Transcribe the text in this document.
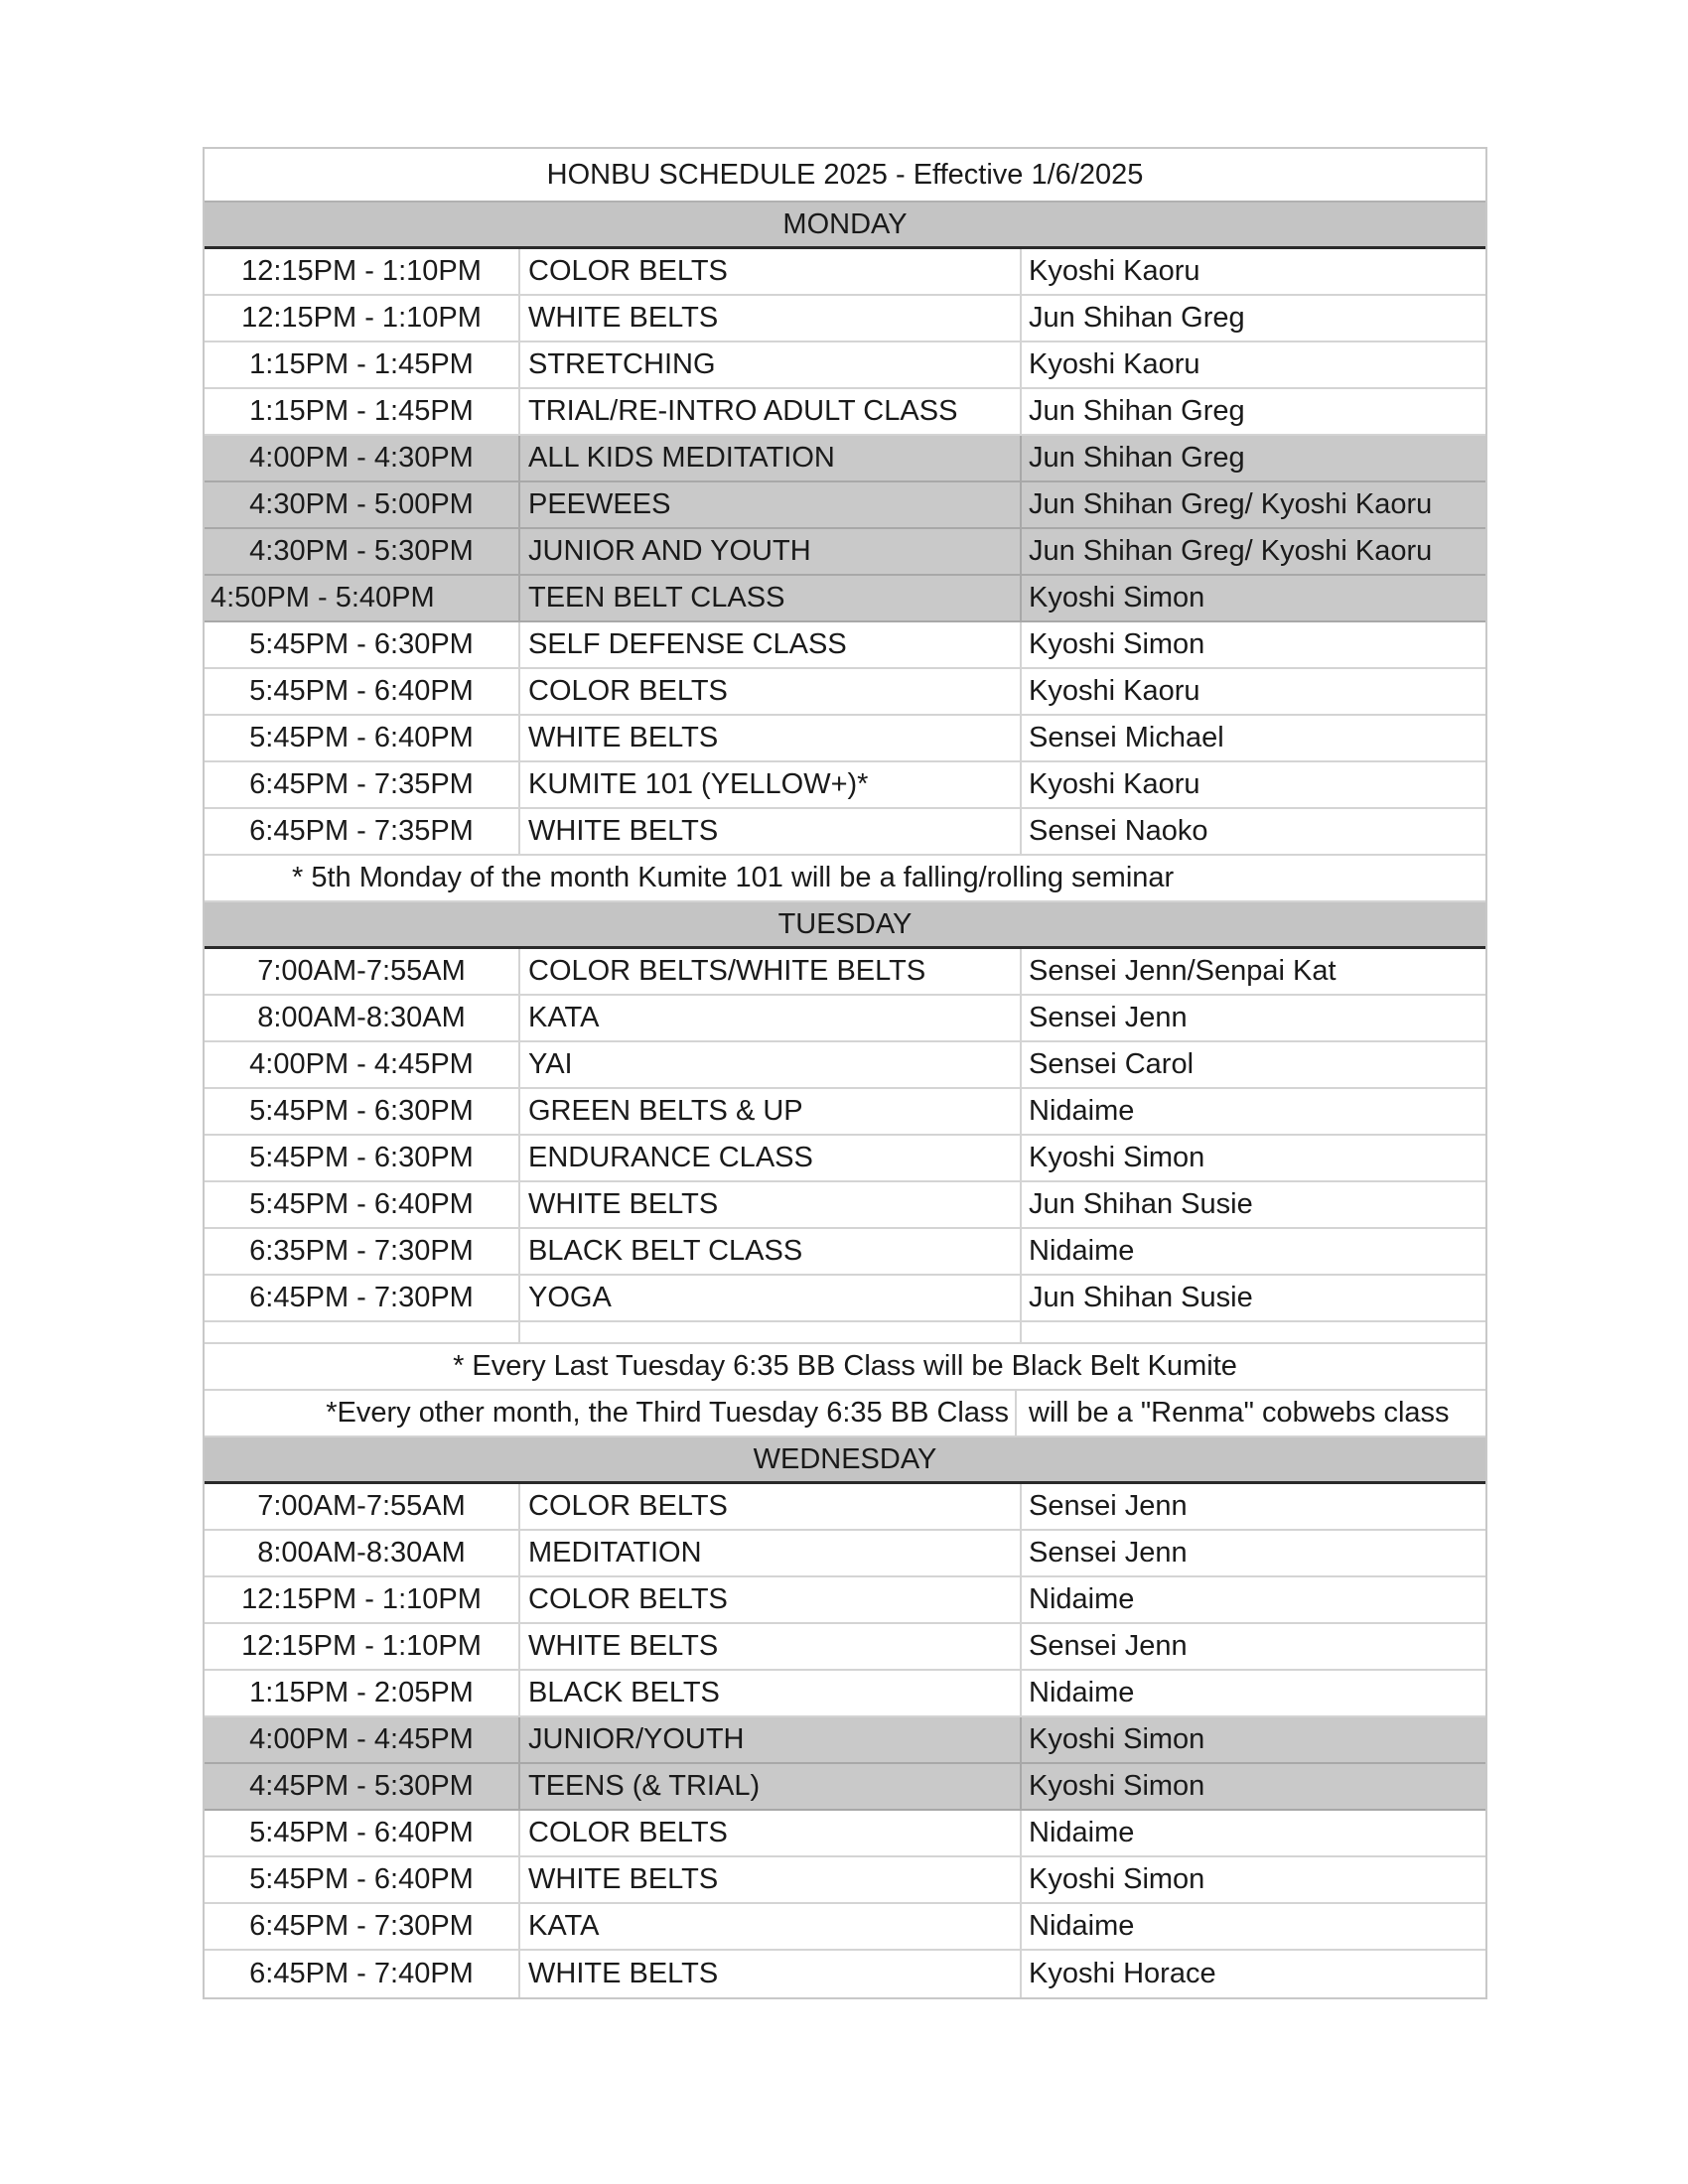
HONBU SCHEDULE 2025 - Effective 1/6/2025
MONDAY
12:15PM - 1:10PM	COLOR BELTS	Kyoshi Kaoru
12:15PM - 1:10PM	WHITE BELTS	Jun Shihan Greg
1:15PM - 1:45PM	STRETCHING	Kyoshi Kaoru
1:15PM - 1:45PM	TRIAL/RE-INTRO ADULT CLASS	Jun Shihan Greg
4:00PM - 4:30PM	ALL KIDS MEDITATION	Jun Shihan Greg
4:30PM - 5:00PM	PEEWEES	Jun Shihan Greg/ Kyoshi Kaoru
4:30PM - 5:30PM	JUNIOR AND YOUTH	Jun Shihan Greg/ Kyoshi Kaoru
4:50PM - 5:40PM	TEEN BELT CLASS	Kyoshi Simon
5:45PM - 6:30PM	SELF DEFENSE CLASS	Kyoshi Simon
5:45PM - 6:40PM	COLOR BELTS	Kyoshi Kaoru
5:45PM - 6:40PM	WHITE BELTS	Sensei Michael
6:45PM - 7:35PM	KUMITE 101 (YELLOW+)*	Kyoshi Kaoru
6:45PM - 7:35PM	WHITE BELTS	Sensei Naoko
* 5th Monday of the month Kumite 101 will be a falling/rolling seminar
TUESDAY
7:00AM-7:55AM	COLOR BELTS/WHITE BELTS	Sensei Jenn/Senpai Kat
8:00AM-8:30AM	KATA	Sensei Jenn
4:00PM - 4:45PM	YAI	Sensei Carol
5:45PM - 6:30PM	GREEN BELTS & UP	Nidaime
5:45PM - 6:30PM	ENDURANCE CLASS	Kyoshi Simon
5:45PM - 6:40PM	WHITE BELTS	Jun Shihan Susie
6:35PM - 7:30PM	BLACK BELT CLASS	Nidaime
6:45PM - 7:30PM	YOGA	Jun Shihan Susie
* Every Last Tuesday 6:35 BB Class will be Black Belt Kumite
*Every other month, the Third Tuesday 6:35 BB Class will be a "Renma" cobwebs class
WEDNESDAY
7:00AM-7:55AM	COLOR BELTS	Sensei Jenn
8:00AM-8:30AM	MEDITATION	Sensei Jenn
12:15PM - 1:10PM	COLOR BELTS	Nidaime
12:15PM - 1:10PM	WHITE BELTS	Sensei Jenn
1:15PM - 2:05PM	BLACK BELTS	Nidaime
4:00PM - 4:45PM	JUNIOR/YOUTH	Kyoshi Simon
4:45PM - 5:30PM	TEENS (& TRIAL)	Kyoshi Simon
5:45PM - 6:40PM	COLOR BELTS	Nidaime
5:45PM - 6:40PM	WHITE BELTS	Kyoshi Simon
6:45PM - 7:30PM	KATA	Nidaime
6:45PM - 7:40PM	WHITE BELTS	Kyoshi Horace
